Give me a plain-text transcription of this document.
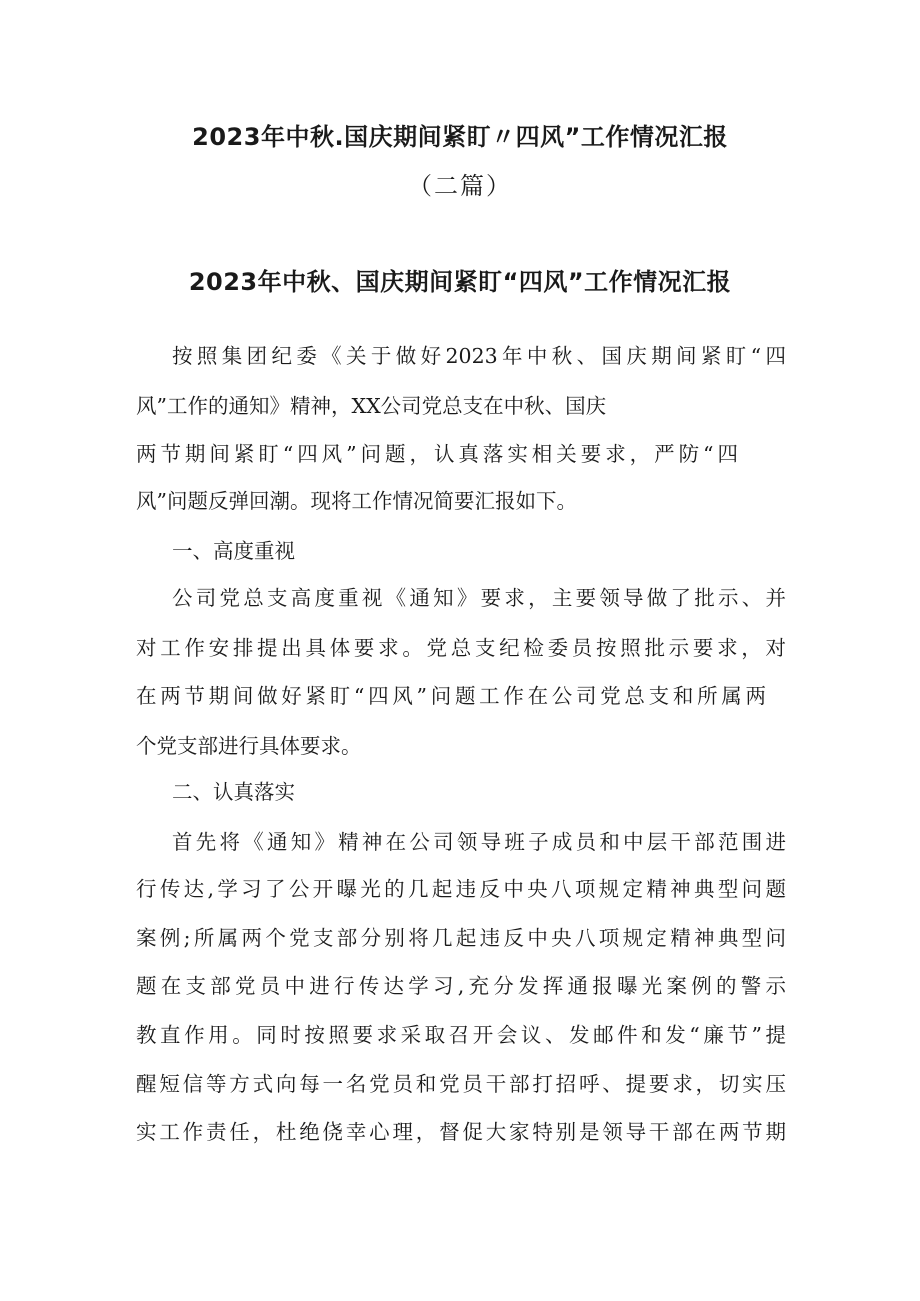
2023年中秋.国庆期间紧盯〃四风”工作情况汇报
（二篇）
2023年中秋、国庆期间紧盯“四风”工作情况汇报

按照集团纪委《关于做好2023年中秋、国庆期间紧盯“四

风”工作的通知》精神，XX公司党总支在中秋、国庆

两节期间紧盯“四风”问题，认真落实相关要求，严防“四

风”问题反弹回潮。现将工作情况简要汇报如下。

一、高度重视

公司党总支高度重视《通知》要求，主要领导做了批示、并

对工作安排提出具体要求。党总支纪检委员按照批示要求，对

在两节期间做好紧盯“四风”问题工作在公司党总支和所属两

个党支部进行具体要求。

二、认真落实

首先将《通知》精神在公司领导班子成员和中层干部范围进

行传达,学习了公开曝光的几起违反中央八项规定精神典型问题

案例;所属两个党支部分别将几起违反中央八项规定精神典型问

题在支部党员中进行传达学习,充分发挥通报曝光案例的警示

教直作用。同时按照要求采取召开会议、发邮件和发“廉节”提

醒短信等方式向每一名党员和党员干部打招呼、提要求，切实压

实工作责任，杜绝侥幸心理，督促大家特别是领导干部在两节期
